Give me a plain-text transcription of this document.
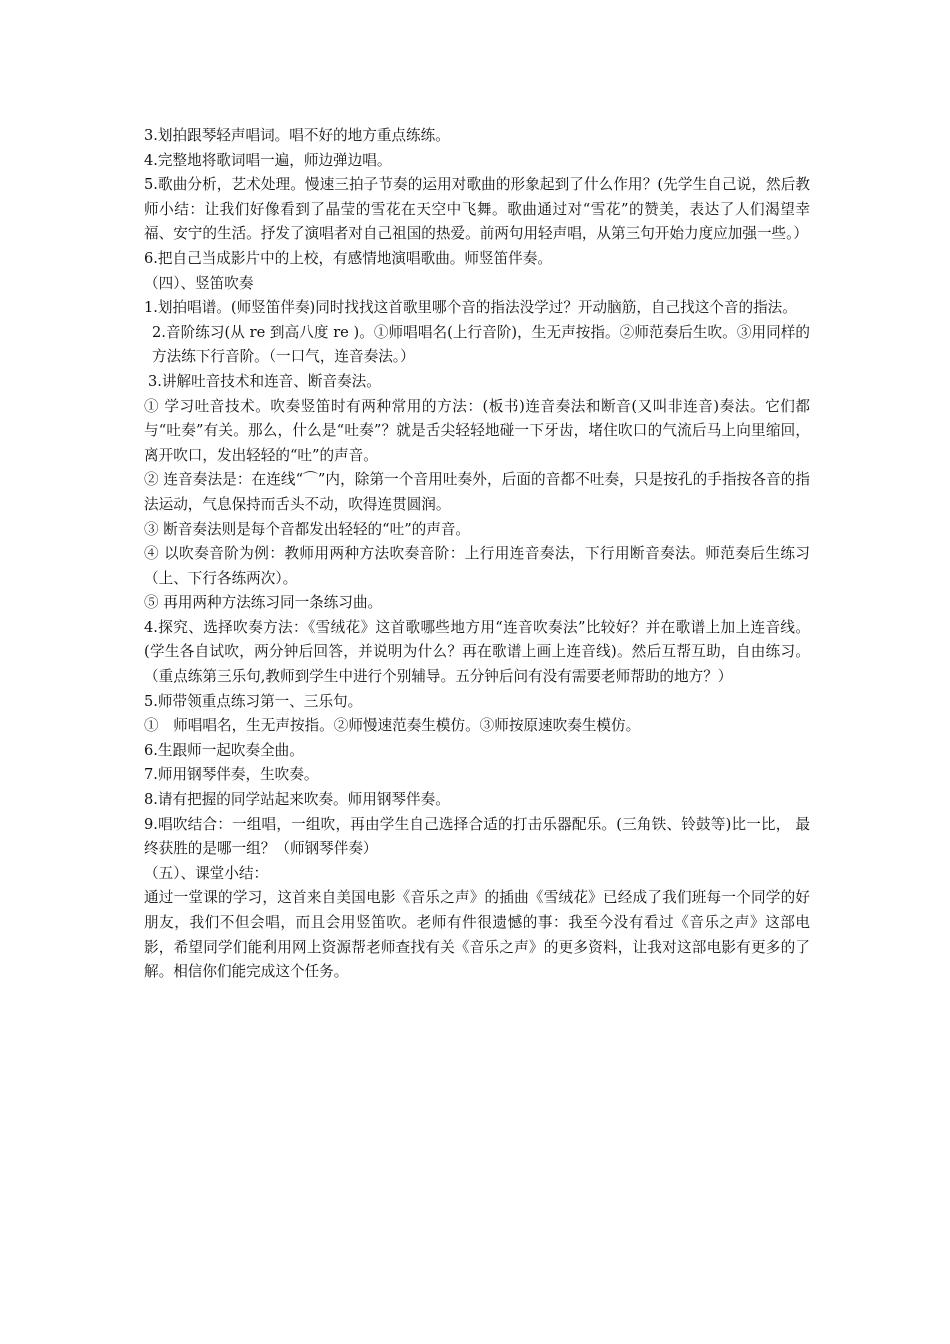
3.划拍跟琴轻声唱词。唱不好的地方重点练练。

4.完整地将歌词唱一遍，师边弹边唱。

5.歌曲分析，艺术处理。慢速三拍子节奏的运用对歌曲的形象起到了什么作用？(先学生自己说，然后教师小结：让我们好像看到了晶莹的雪花在天空中飞舞。歌曲通过对“雪花”的赞美，表达了人们渴望幸福、安宁的生活。抒发了演唱者对自己祖国的热爱。前两句用轻声唱，从第三句开始力度应加强一些。）

6.把自己当成影片中的上校，有感情地演唱歌曲。师竖笛伴奏。

（四）、竖笛吹奏

1.划拍唱谱。(师竖笛伴奏)同时找找这首歌里哪个音的指法没学过？开动脑筋，自己找这个音的指法。

2.音阶练习(从 re 到高八度 re )。①师唱唱名(上行音阶)，生无声按指。②师范奏后生吹。③用同样的方法练下行音阶。（一口气，连音奏法。）

3.讲解吐音技术和连音、断音奏法。

① 学习吐音技术。吹奏竖笛时有两种常用的方法：(板书)连音奏法和断音(又叫非连音)奏法。它们都与“吐奏”有关。那么，什么是“吐奏”？就是舌尖轻轻地碰一下牙齿，堵住吹口的气流后马上向里缩回，离开吹口，发出轻轻的“吐”的声音。

② 连音奏法是：在连线“⌒”内，除第一个音用吐奏外，后面的音都不吐奏，只是按孔的手指按各音的指法运动，气息保持而舌头不动，吹得连贯圆润。

③ 断音奏法则是每个音都发出轻轻的“吐”的声音。

④ 以吹奏音阶为例：教师用两种方法吹奏音阶：上行用连音奏法，下行用断音奏法。师范奏后生练习（上、下行各练两次）。

⑤ 再用两种方法练习同一条练习曲。

4.探究、选择吹奏方法：《雪绒花》这首歌哪些地方用“连音吹奏法”比较好？并在歌谱上加上连音线。(学生各自试吹，两分钟后回答，并说明为什么？再在歌谱上画上连音线)。然后互帮互助，自由练习。（重点练第三乐句,教师到学生中进行个别辅导。五分钟后问有没有需要老师帮助的地方？）

5.师带领重点练习第一、三乐句。

①　师唱唱名，生无声按指。②师慢速范奏生模仿。③师按原速吹奏生模仿。

6.生跟师一起吹奏全曲。

7.师用钢琴伴奏，生吹奏。

8.请有把握的同学站起来吹奏。师用钢琴伴奏。

9.唱吹结合：一组唱，一组吹，再由学生自己选择合适的打击乐器配乐。(三角铁、铃鼓等)比一比， 最终获胜的是哪一组？（师钢琴伴奏）

（五）、课堂小结：

通过一堂课的学习，这首来自美国电影《音乐之声》的插曲《雪绒花》已经成了我们班每一个同学的好朋友，我们不但会唱，而且会用竖笛吹。老师有件很遗憾的事：我至今没有看过《音乐之声》这部电影，希望同学们能利用网上资源帮老师查找有关《音乐之声》的更多资料，让我对这部电影有更多的了解。相信你们能完成这个任务。
